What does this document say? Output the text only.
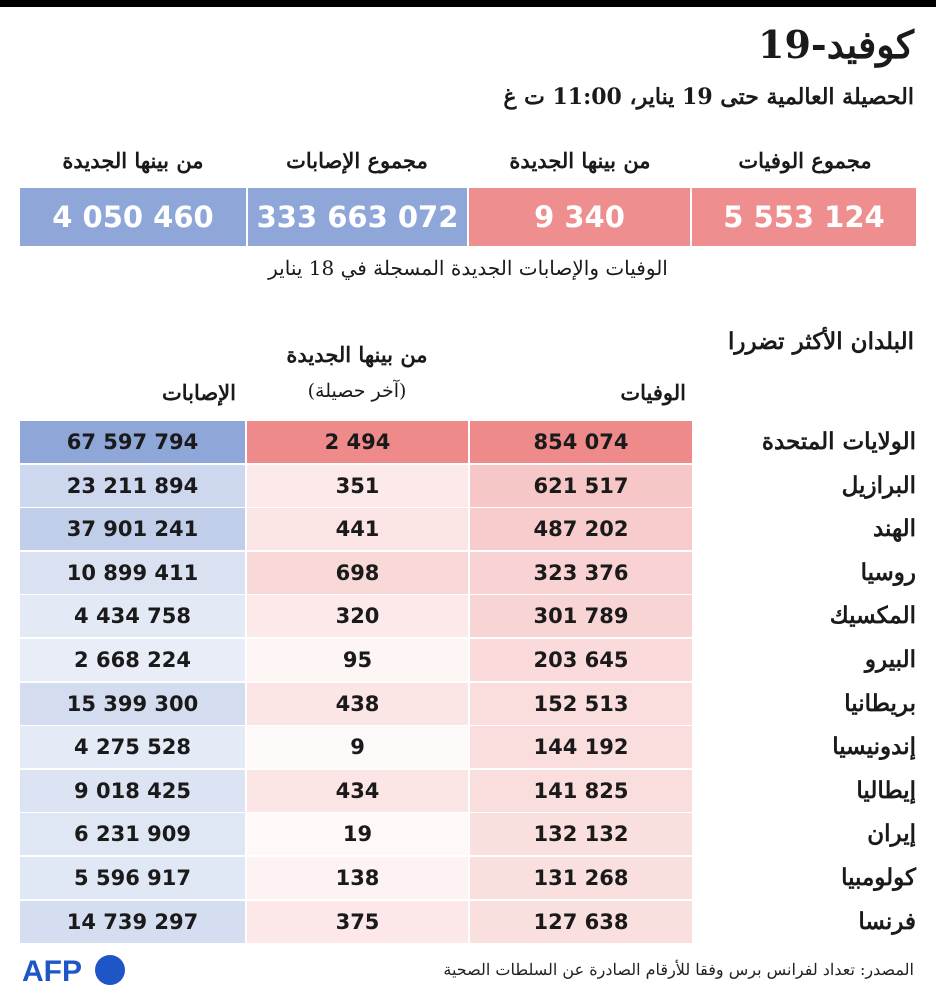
كوفيد-19
الحصيلة العالمية حتى 19 يناير، 11:00 ت غ
مجموع الوفيات
من بينها الجديدة
مجموع الإصابات
من بينها الجديدة
5 553 124
9 340
333 663 072
4 050 460
الوفيات والإصابات الجديدة المسجلة في 18 يناير
البلدان الأكثر تضررا
من بينها الجديدة
(آخر حصيلة)	الوفيات
الإصابات
الولايات المتحدة
854 074
2 494
67 597 794
البرازيل
621 517
351
23 211 894
الهند
487 202
441
37 901 241
روسيا
323 376
698
10 899 411
المكسيك
301 789
320
4 434 758
البيرو
203 645
95
2 668 224
بريطانيا
152 513
438
15 399 300
إندونيسيا
144 192
9
4 275 528
إيطاليا
141 825
434
9 018 425
إيران
132 132
19
6 231 909
كولومبيا
131 268
138
5 596 917
فرنسا
127 638
375
14 739 297
المصدر: تعداد لفرانس برس وفقا للأرقام الصادرة عن السلطات الصحية
AFP
